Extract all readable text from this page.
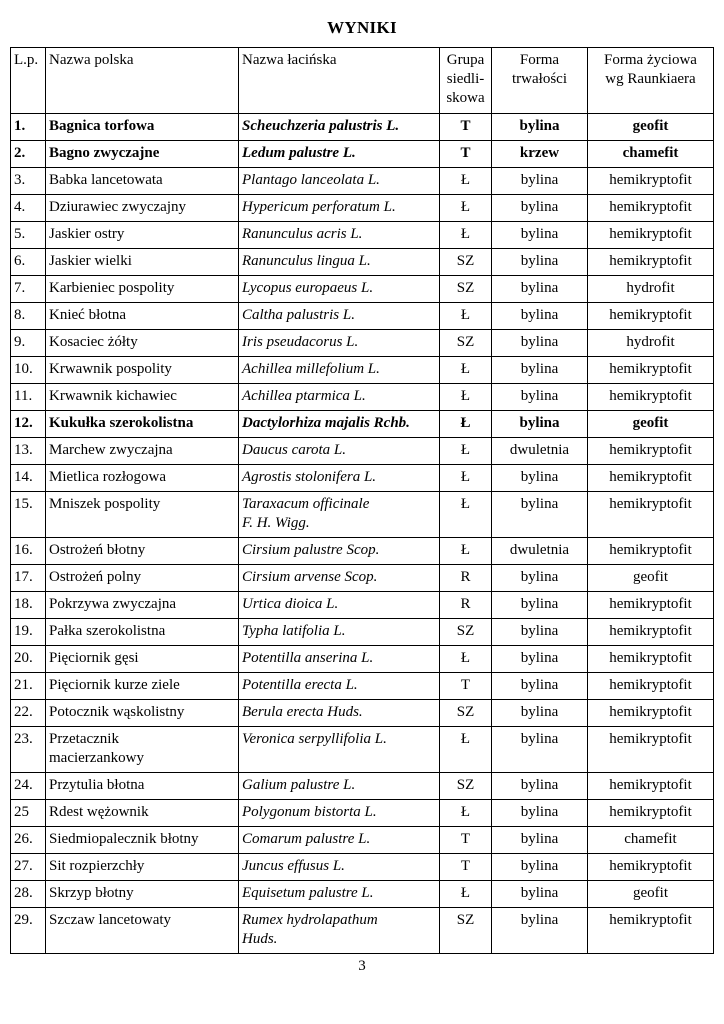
WYNIKI
L.p.	Nazwa polska	Nazwa łacińska	Grupa
siedli-
skowa	Forma
trwałości	Forma życiowa
wg Raunkiaera
1.	Bagnica torfowa	Scheuchzeria palustris L.	T	bylina	geofit
2.	Bagno zwyczajne	Ledum palustre L.	T	krzew	chamefit
3.	Babka lancetowata	Plantago lanceolata L.	Ł	bylina	hemikryptofit
4.	Dziurawiec zwyczajny	Hypericum perforatum L.	Ł	bylina	hemikryptofit
5.	Jaskier ostry	Ranunculus acris L.	Ł	bylina	hemikryptofit
6.	Jaskier wielki	Ranunculus lingua L.	SZ	bylina	hemikryptofit
7.	Karbieniec pospolity	Lycopus europaeus L.	SZ	bylina	hydrofit
8.	Knieć błotna	Caltha palustris L.	Ł	bylina	hemikryptofit
9.	Kosaciec żółty	Iris pseudacorus L.	SZ	bylina	hydrofit
10.	Krwawnik pospolity	Achillea millefolium L.	Ł	bylina	hemikryptofit
11.	Krwawnik kichawiec	Achillea ptarmica L.	Ł	bylina	hemikryptofit
12.	Kukułka szerokolistna	Dactylorhiza majalis Rchb.	Ł	bylina	geofit
13.	Marchew zwyczajna	Daucus carota L.	Ł	dwuletnia	hemikryptofit
14.	Mietlica rozłogowa	Agrostis stolonifera L.	Ł	bylina	hemikryptofit
15.	Mniszek pospolity	Taraxacum officinale
F. H. Wigg.	Ł	bylina	hemikryptofit
16.	Ostrożeń błotny	Cirsium palustre Scop.	Ł	dwuletnia	hemikryptofit
17.	Ostrożeń polny	Cirsium arvense Scop.	R	bylina	geofit
18.	Pokrzywa zwyczajna	Urtica dioica L.	R	bylina	hemikryptofit
19.	Pałka szerokolistna	Typha latifolia L.	SZ	bylina	hemikryptofit
20.	Pięciornik gęsi	Potentilla anserina L.	Ł	bylina	hemikryptofit
21.	Pięciornik kurze ziele	Potentilla erecta L.	T	bylina	hemikryptofit
22.	Potocznik wąskolistny	Berula erecta Huds.	SZ	bylina	hemikryptofit
23.	Przetacznik
macierzankowy	Veronica serpyllifolia L.	Ł	bylina	hemikryptofit
24.	Przytulia błotna	Galium palustre L.	SZ	bylina	hemikryptofit
25	Rdest wężownik	Polygonum bistorta L.	Ł	bylina	hemikryptofit
26.	Siedmiopalecznik błotny	Comarum palustre L.	T	bylina	chamefit
27.	Sit rozpierzchły	Juncus effusus L.	T	bylina	hemikryptofit
28.	Skrzyp błotny	Equisetum palustre L.	Ł	bylina	geofit
29.	Szczaw lancetowaty	Rumex hydrolapathum
Huds.	SZ	bylina	hemikryptofit
3
